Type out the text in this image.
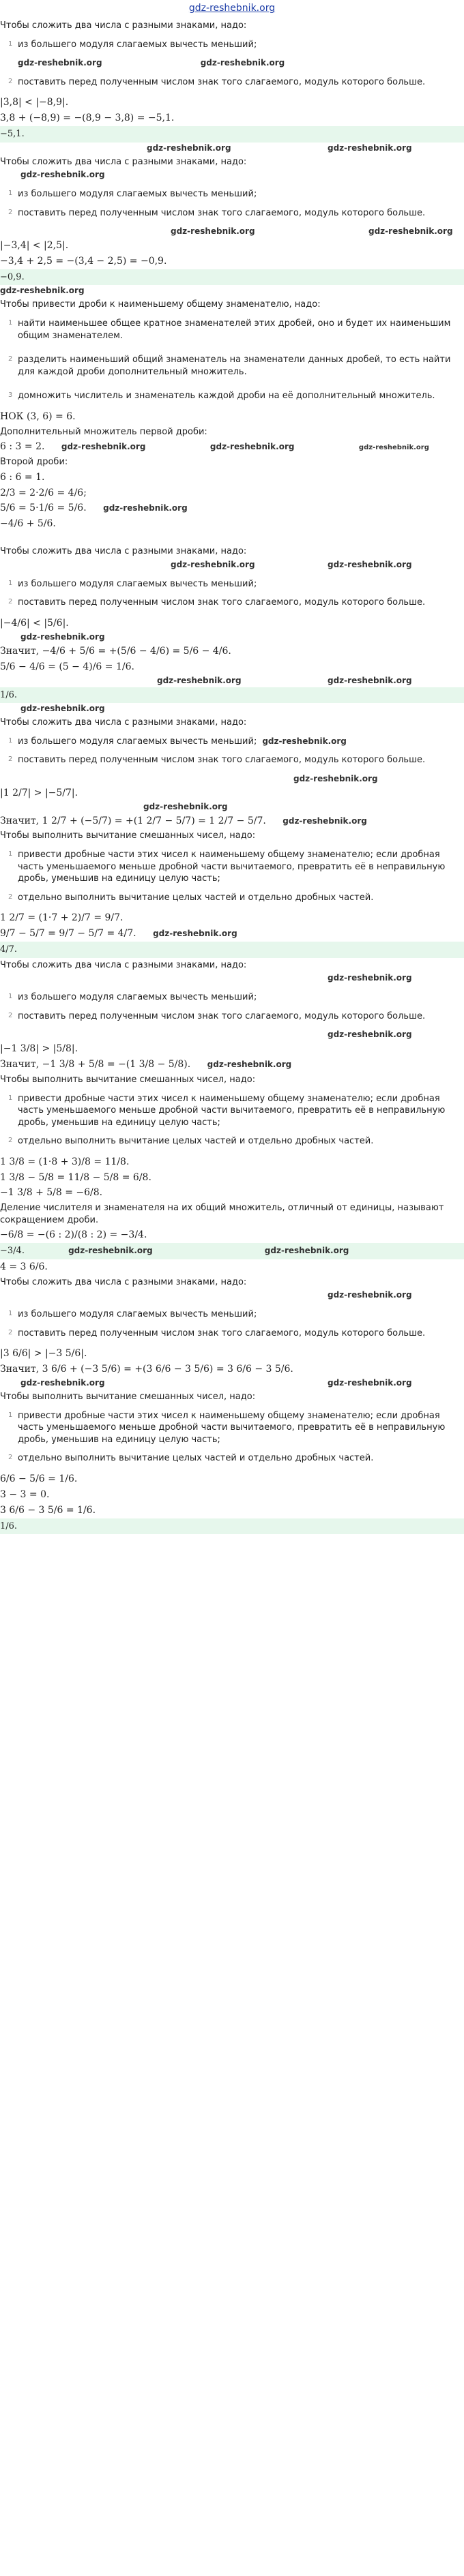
gdz-reshebnik.org
Чтобы сложить два числа с разными знаками, надо:
1 из большего модуля слагаемых вычесть меньший;
gdz-reshebnik.org	gdz-reshebnik.org
2 поставить перед полученным числом знак того слагаемого, модуль которого больше.
|3,8| < |−8,9|.
3,8 + (−8,9) = −(8,9 − 3,8) = −5,1.
−5,1.
gdz-reshebnik.org	gdz-reshebnik.org
Чтобы сложить два числа с разными знаками, надо:
gdz-reshebnik.org
1 из большего модуля слагаемых вычесть меньший;
2 поставить перед полученным числом знак того слагаемого, модуль которого больше.
gdz-reshebnik.org	gdz-reshebnik.org
|−3,4| < |2,5|.
−3,4 + 2,5 = −(3,4 − 2,5) = −0,9.
−0,9.
gdz-reshebnik.org
Чтобы привести дроби к наименьшему общему знаменателю, надо:
1 найти наименьшее общее кратное знаменателей этих дробей, оно и будет их наименьшим общим знаменателем.
2 разделить наименьший общий знаменатель на знаменатели данных дробей, то есть найти для каждой дроби дополнительный множитель.
3 домножить числитель и знаменатель каждой дроби на её дополнительный множитель.
НОК (3, 6) = 6.
Дополнительный множитель первой дроби:
6 : 3 = 2. gdz-reshebnik.org	gdz-reshebnik.org	gdz-reshebnik.org
Второй дроби:
6 : 6 = 1.
2/3 = 2·2/6 = 4/6;
5/6 = 5·1/6 = 5/6. gdz-reshebnik.org
−4/6 + 5/6.
Чтобы сложить два числа с разными знаками, надо:
gdz-reshebnik.org	gdz-reshebnik.org
1 из большего модуля слагаемых вычесть меньший;
2 поставить перед полученным числом знак того слагаемого, модуль которого больше.
|−4/6| < |5/6|.
gdz-reshebnik.org
Значит, −4/6 + 5/6 = +(5/6 − 4/6) = 5/6 − 4/6.
5/6 − 4/6 = (5 − 4)/6 = 1/6.
gdz-reshebnik.org	gdz-reshebnik.org
1/6.
gdz-reshebnik.org
Чтобы сложить два числа с разными знаками, надо:
1 из большего модуля слагаемых вычесть меньший; gdz-reshebnik.org
2 поставить перед полученным числом знак того слагаемого, модуль которого больше.
gdz-reshebnik.org
|1 2/7| > |−5/7|.
gdz-reshebnik.org
Значит, 1 2/7 + (−5/7) = +(1 2/7 − 5/7) = 1 2/7 − 5/7. gdz-reshebnik.org
Чтобы выполнить вычитание смешанных чисел, надо:
1 привести дробные части этих чисел к наименьшему общему знаменателю; если дробная часть уменьшаемого меньше дробной части вычитаемого, превратить её в неправильную дробь, уменьшив на единицу целую часть;
2 отдельно выполнить вычитание целых частей и отдельно дробных частей.
1 2/7 = (1·7 + 2)/7 = 9/7.
9/7 − 5/7 = 9/7 − 5/7 = 4/7. gdz-reshebnik.org
4/7.
Чтобы сложить два числа с разными знаками, надо:
gdz-reshebnik.org
1 из большего модуля слагаемых вычесть меньший;
2 поставить перед полученным числом знак того слагаемого, модуль которого больше.
gdz-reshebnik.org
|−1 3/8| > |5/8|.
Значит, −1 3/8 + 5/8 = −(1 3/8 − 5/8). gdz-reshebnik.org
Чтобы выполнить вычитание смешанных чисел, надо:
1 привести дробные части этих чисел к наименьшему общему знаменателю; если дробная часть уменьшаемого меньше дробной части вычитаемого, превратить её в неправильную дробь, уменьшив на единицу целую часть;
2 отдельно выполнить вычитание целых частей и отдельно дробных частей.
1 3/8 = (1·8 + 3)/8 = 11/8.
1 3/8 − 5/8 = 11/8 − 5/8 = 6/8.
−1 3/8 + 5/8 = −6/8.
Деление числителя и знаменателя на их общий множитель, отличный от единицы, называют сокращением дроби.
−6/8 = −(6 : 2)/(8 : 2) = −3/4.
−3/4.	gdz-reshebnik.org	gdz-reshebnik.org
4 = 3 6/6.
Чтобы сложить два числа с разными знаками, надо:
gdz-reshebnik.org
1 из большего модуля слагаемых вычесть меньший;
2 поставить перед полученным числом знак того слагаемого, модуль которого больше.
|3 6/6| > |−3 5/6|.
Значит, 3 6/6 + (−3 5/6) = +(3 6/6 − 3 5/6) = 3 6/6 − 3 5/6.
gdz-reshebnik.org	gdz-reshebnik.org
Чтобы выполнить вычитание смешанных чисел, надо:
1 привести дробные части этих чисел к наименьшему общему знаменателю; если дробная часть уменьшаемого меньше дробной части вычитаемого, превратить её в неправильную дробь, уменьшив на единицу целую часть;
2 отдельно выполнить вычитание целых частей и отдельно дробных частей.
6/6 − 5/6 = 1/6.
3 − 3 = 0.
3 6/6 − 3 5/6 = 1/6.
1/6.
